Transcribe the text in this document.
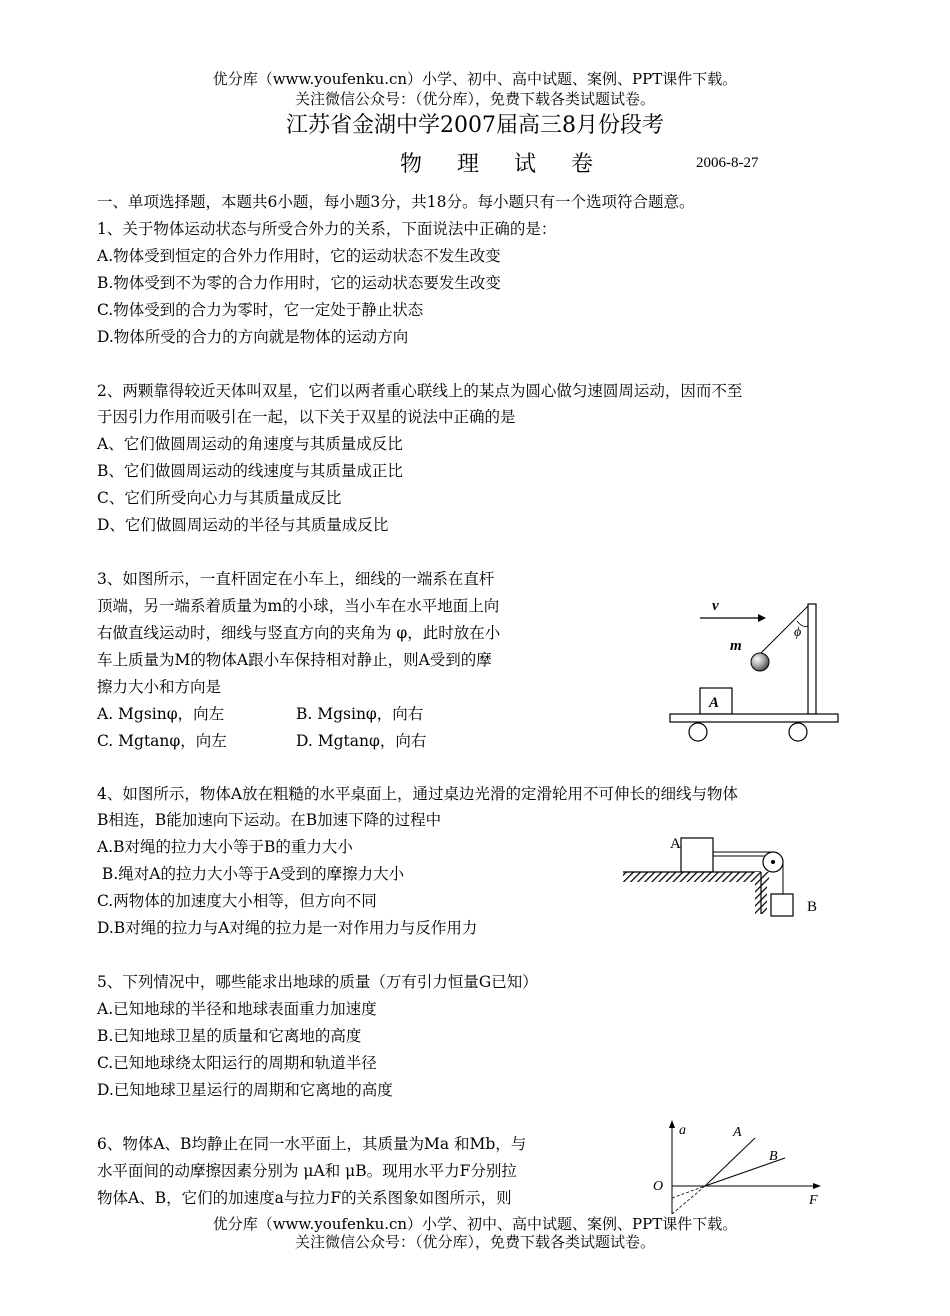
优分库（www.youfenku.cn）小学、初中、高中试题、案例、PPT课件下载。
关注微信公众号：（优分库），免费下载各类试题试卷。
江苏省金湖中学2007届高三8月份段考
物 理 试 卷	2006-8-27
一、单项选择题，本题共6小题，每小题3分，共18分。每小题只有一个选项符合题意。
1、关于物体运动状态与所受合外力的关系，下面说法中正确的是：
A.物体受到恒定的合外力作用时，它的运动状态不发生改变
B.物体受到不为零的合力作用时，它的运动状态要发生改变
C.物体受到的合力为零时，它一定处于静止状态
D.物体所受的合力的方向就是物体的运动方向
2、两颗靠得较近天体叫双星，它们以两者重心联线上的某点为圆心做匀速圆周运动，因而不至
于因引力作用而吸引在一起，以下关于双星的说法中正确的是
A、它们做圆周运动的角速度与其质量成反比
B、它们做圆周运动的线速度与其质量成正比
C、它们所受向心力与其质量成反比
D、它们做圆周运动的半径与其质量成反比
3、如图所示，一直杆固定在小车上，细线的一端系在直杆
顶端，另一端系着质量为m的小球，当小车在水平地面上向
右做直线运动时，细线与竖直方向的夹角为 φ，此时放在小
车上质量为M的物体A跟小车保持相对静止，则A受到的摩
擦力大小和方向是
A. Mgsinφ，向左	B. Mgsinφ，向右
C. Mgtanφ，向左	D. Mgtanφ，向右
v
ϕ
m
A
4、如图所示，物体A放在粗糙的水平桌面上，通过桌边光滑的定滑轮用不可伸长的细线与物体
B相连，B能加速向下运动。在B加速下降的过程中
A.B对绳的拉力大小等于B的重力大小
B.绳对A的拉力大小等于A受到的摩擦力大小
C.两物体的加速度大小相等，但方向不同
D.B对绳的拉力与A对绳的拉力是一对作用力与反作用力
A
B
5、下列情况中，哪些能求出地球的质量（万有引力恒量G已知）
A.已知地球的半径和地球表面重力加速度
B.已知地球卫星的质量和它离地的高度
C.已知地球绕太阳运行的周期和轨道半径
D.已知地球卫星运行的周期和它离地的高度
6、物体A、B均静止在同一水平面上，其质量为Ma 和Mb，与
水平面间的动摩擦因素分别为 μA和 μB。现用水平力F分别拉
物体A、B，它们的加速度a与拉力F的关系图象如图所示，则
a
F
O
A
B
优分库（www.youfenku.cn）小学、初中、高中试题、案例、PPT课件下载。
关注微信公众号：（优分库），免费下载各类试题试卷。
